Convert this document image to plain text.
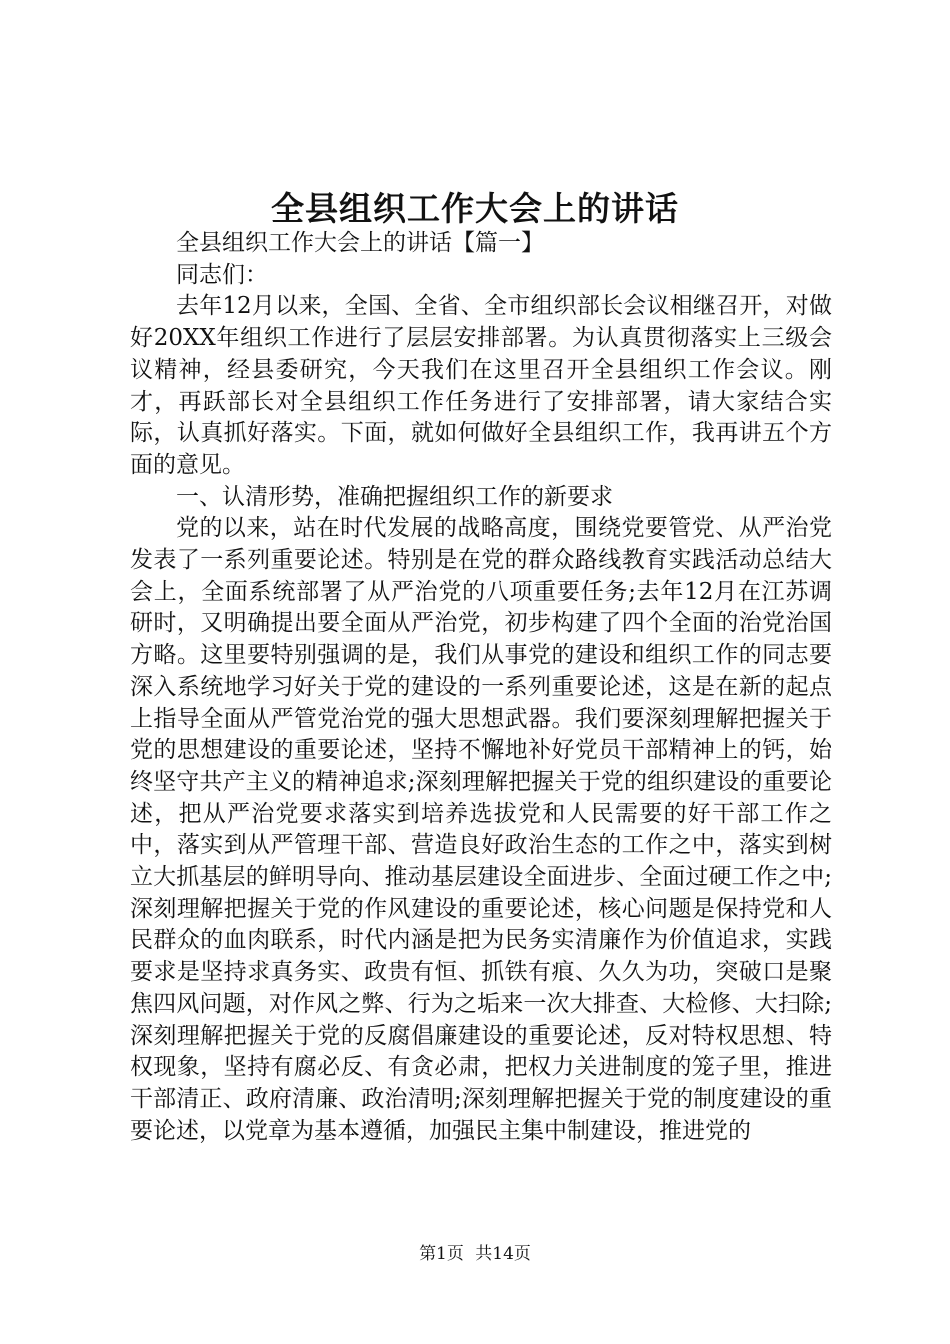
全县组织工作大会上的讲话

全县组织工作大会上的讲话【篇一】

同志们：

去年12月以来，全国、全省、全市组织部长会议相继召开，对做好20XX年组织工作进行了层层安排部署。为认真贯彻落实上三级会议精神，经县委研究，今天我们在这里召开全县组织工作会议。刚才，再跃部长对全县组织工作任务进行了安排部署，请大家结合实际，认真抓好落实。下面，就如何做好全县组织工作，我再讲五个方面的意见。

一、认清形势，准确把握组织工作的新要求

党的以来，站在时代发展的战略高度，围绕党要管党、从严治党发表了一系列重要论述。特别是在党的群众路线教育实践活动总结大会上，全面系统部署了从严治党的八项重要任务;去年12月在江苏调研时，又明确提出要全面从严治党，初步构建了四个全面的治党治国方略。这里要特别强调的是，我们从事党的建设和组织工作的同志要深入系统地学习好关于党的建设的一系列重要论述，这是在新的起点上指导全面从严管党治党的强大思想武器。我们要深刻理解把握关于党的思想建设的重要论述，坚持不懈地补好党员干部精神上的钙，始终坚守共产主义的精神追求;深刻理解把握关于党的组织建设的重要论述，把从严治党要求落实到培养选拔党和人民需要的好干部工作之中，落实到从严管理干部、营造良好政治生态的工作之中，落实到树立大抓基层的鲜明导向、推动基层建设全面进步、全面过硬工作之中;深刻理解把握关于党的作风建设的重要论述，核心问题是保持党和人民群众的血肉联系，时代内涵是把为民务实清廉作为价值追求，实践要求是坚持求真务实、政贵有恒、抓铁有痕、久久为功，突破口是聚焦四风问题，对作风之弊、行为之垢来一次大排查、大检修、大扫除;深刻理解把握关于党的反腐倡廉建设的重要论述，反对特权思想、特权现象，坚持有腐必反、有贪必肃，把权力关进制度的笼子里，推进干部清正、政府清廉、政治清明;深刻理解把握关于党的制度建设的重要论述，以党章为基本遵循，加强民主集中制建设，推进党的

第1页 共14页
